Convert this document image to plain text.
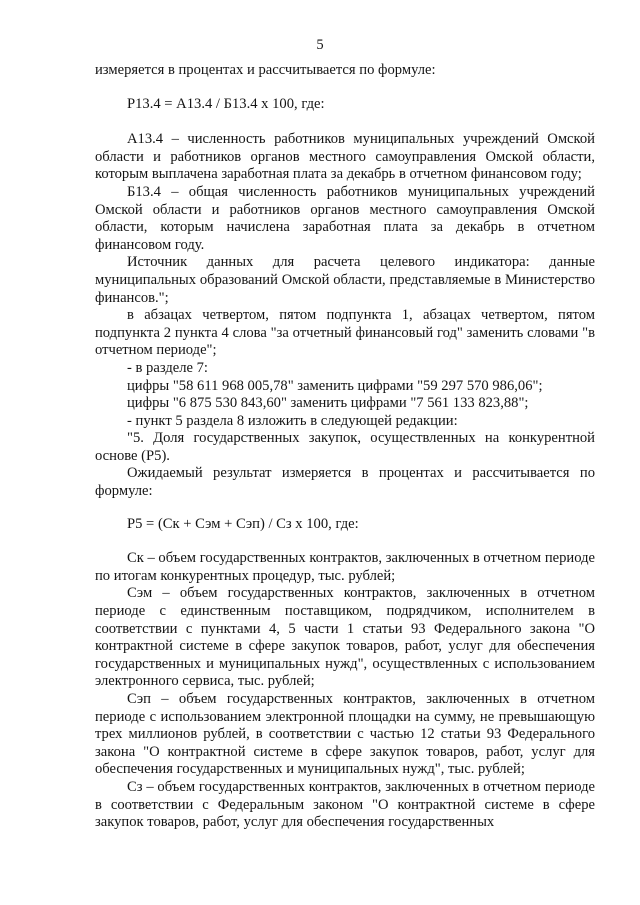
5

измеряется в процентах и рассчитывается по формуле:

Р13.4 = А13.4 / Б13.4 х 100, где:

А13.4 – численность работников муниципальных учреждений Омской области и работников органов местного самоуправления Омской области, которым выплачена заработная плата за декабрь в отчетном финансовом году;

Б13.4 – общая численность работников муниципальных учреждений Омской области и работников органов местного самоуправления Омской области, которым начислена заработная плата за декабрь в отчетном финансовом году.

Источник данных для расчета целевого индикатора: данные муниципальных образований Омской области, представляемые в Министерство финансов.";

в абзацах четвертом, пятом подпункта 1, абзацах четвертом, пятом подпункта 2 пункта 4 слова "за отчетный финансовый год" заменить словами "в отчетном периоде";

- в разделе 7:

цифры "58 611 968 005,78" заменить цифрами "59 297 570 986,06";

цифры "6 875 530 843,60" заменить цифрами "7 561 133 823,88";

- пункт 5 раздела 8 изложить в следующей редакции:

"5. Доля государственных закупок, осуществленных на конкурентной основе (Р5).

Ожидаемый результат измеряется в процентах и рассчитывается по формуле:

Р5 = (Ск + Сэм + Сэп) / Сз х 100, где:

Ск – объем государственных контрактов, заключенных в отчетном периоде по итогам конкурентных процедур, тыс. рублей;

Сэм – объем государственных контрактов, заключенных в отчетном периоде с единственным поставщиком, подрядчиком, исполнителем в соответствии с пунктами 4, 5 части 1 статьи 93 Федерального закона "О контрактной системе в сфере закупок товаров, работ, услуг для обеспечения государственных и муниципальных нужд", осуществленных с использованием электронного сервиса, тыс. рублей;

Сэп – объем государственных контрактов, заключенных в отчетном периоде с использованием электронной площадки на сумму, не превышающую трех миллионов рублей, в соответствии с частью 12 статьи 93 Федерального закона "О контрактной системе в сфере закупок товаров, работ, услуг для обеспечения государственных и муниципальных нужд", тыс. рублей;

Сз – объем государственных контрактов, заключенных в отчетном периоде в соответствии с Федеральным законом "О контрактной системе в сфере закупок товаров, работ, услуг для обеспечения государственных
